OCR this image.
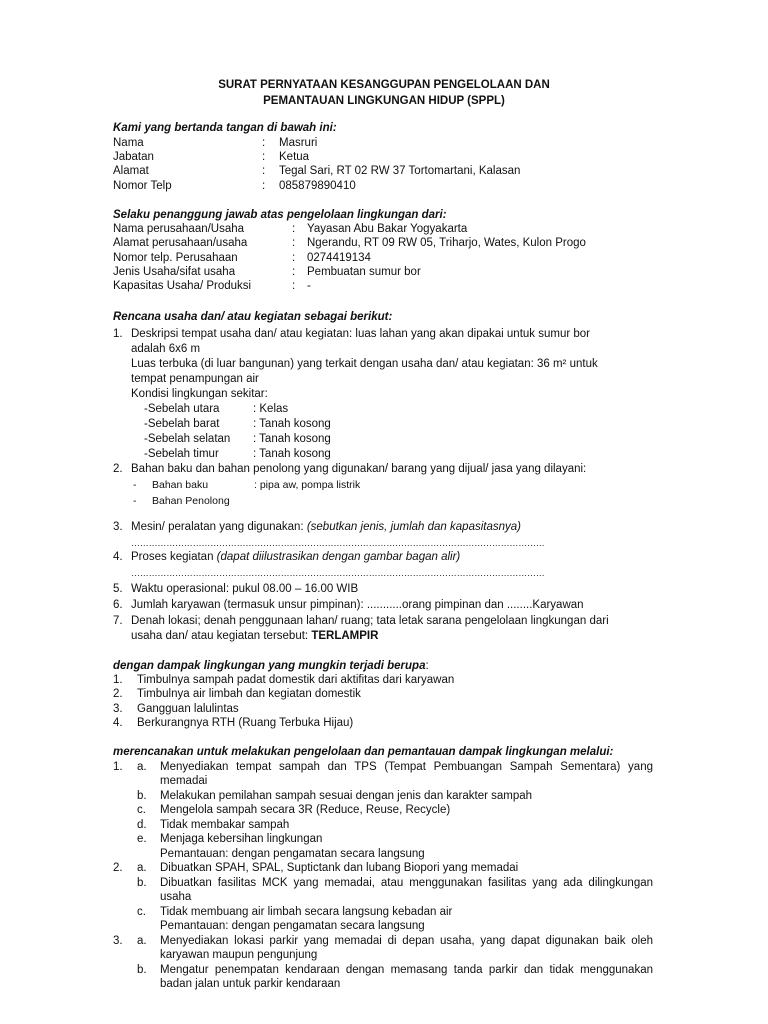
SURAT PERNYATAAN KESANGGUPAN PENGELOLAAN DAN
PEMANTAUAN LINGKUNGAN HIDUP (SPPL)
Kami yang bertanda tangan di bawah ini:
Nama	: Masruri
Jabatan	: Ketua
Alamat	: Tegal Sari, RT 02 RW 37 Tortomartani, Kalasan
Nomor Telp	: 085879890410
Selaku penanggung jawab atas pengelolaan lingkungan dari:
Nama perusahaan/Usaha	: Yayasan Abu Bakar Yogyakarta
Alamat perusahaan/usaha	: Ngerandu, RT 09 RW 05, Triharjo, Wates, Kulon Progo
Nomor telp. Perusahaan	: 0274419134
Jenis Usaha/sifat usaha	: Pembuatan sumur bor
Kapasitas Usaha/ Produksi	: -
Rencana usaha dan/ atau kegiatan sebagai berikut:
1. Deskripsi tempat usaha dan/ atau kegiatan: luas lahan yang akan dipakai untuk sumur bor
adalah 6x6 m
Luas terbuka (di luar bangunan) yang terkait dengan usaha dan/ atau kegiatan: 36 m² untuk
tempat penampungan air
Kondisi lingkungan sekitar:
-Sebelah utara	: Kelas
-Sebelah barat	: Tanah kosong
-Sebelah selatan : Tanah kosong
-Sebelah timur	: Tanah kosong
2. Bahan baku dan bahan penolong yang digunakan/ barang yang dijual/ jasa yang dilayani:
- Bahan baku	: pipa aw, pompa listrik
- Bahan Penolong
3. Mesin/ peralatan yang digunakan: (sebutkan jenis, jumlah dan kapasitasnya)
……………………………………………………………………………………………………………………………
4. Proses kegiatan (dapat diilustrasikan dengan gambar bagan alir)
……………………………………………………………………………………………………………………………
5. Waktu operasional: pukul 08.00 – 16.00 WIB
6. Jumlah karyawan (termasuk unsur pimpinan): ...........orang pimpinan dan ........Karyawan
7. Denah lokasi; denah penggunaan lahan/ ruang; tata letak sarana pengelolaan lingkungan dari
usaha dan/ atau kegiatan tersebut: TERLAMPIR
dengan dampak lingkungan yang mungkin terjadi berupa:
1. Timbulnya sampah padat domestik dari aktifitas dari karyawan
2. Timbulnya air limbah dan kegiatan domestik
3. Gangguan lalulintas
4. Berkurangnya RTH (Ruang Terbuka Hijau)
merencanakan untuk melakukan pengelolaan dan pemantauan dampak lingkungan melalui:
1. a. Menyediakan tempat sampah dan TPS (Tempat Pembuangan Sampah Sementara) yang
memadai
b. Melakukan pemilahan sampah sesuai dengan jenis dan karakter sampah
c. Mengelola sampah secara 3R (Reduce, Reuse, Recycle)
d. Tidak membakar sampah
e. Menjaga kebersihan lingkungan
Pemantauan: dengan pengamatan secara langsung
2. a. Dibuatkan SPAH, SPAL, Suptictank dan lubang Biopori yang memadai
b. Dibuatkan fasilitas MCK yang memadai, atau menggunakan fasilitas yang ada dilingkungan
usaha
c. Tidak membuang air limbah secara langsung kebadan air
Pemantauan: dengan pengamatan secara langsung
3. a. Menyediakan lokasi parkir yang memadai di depan usaha, yang dapat digunakan baik oleh
karyawan maupun pengunjung
b. Mengatur penempatan kendaraan dengan memasang tanda parkir dan tidak menggunakan
badan jalan untuk parkir kendaraan
